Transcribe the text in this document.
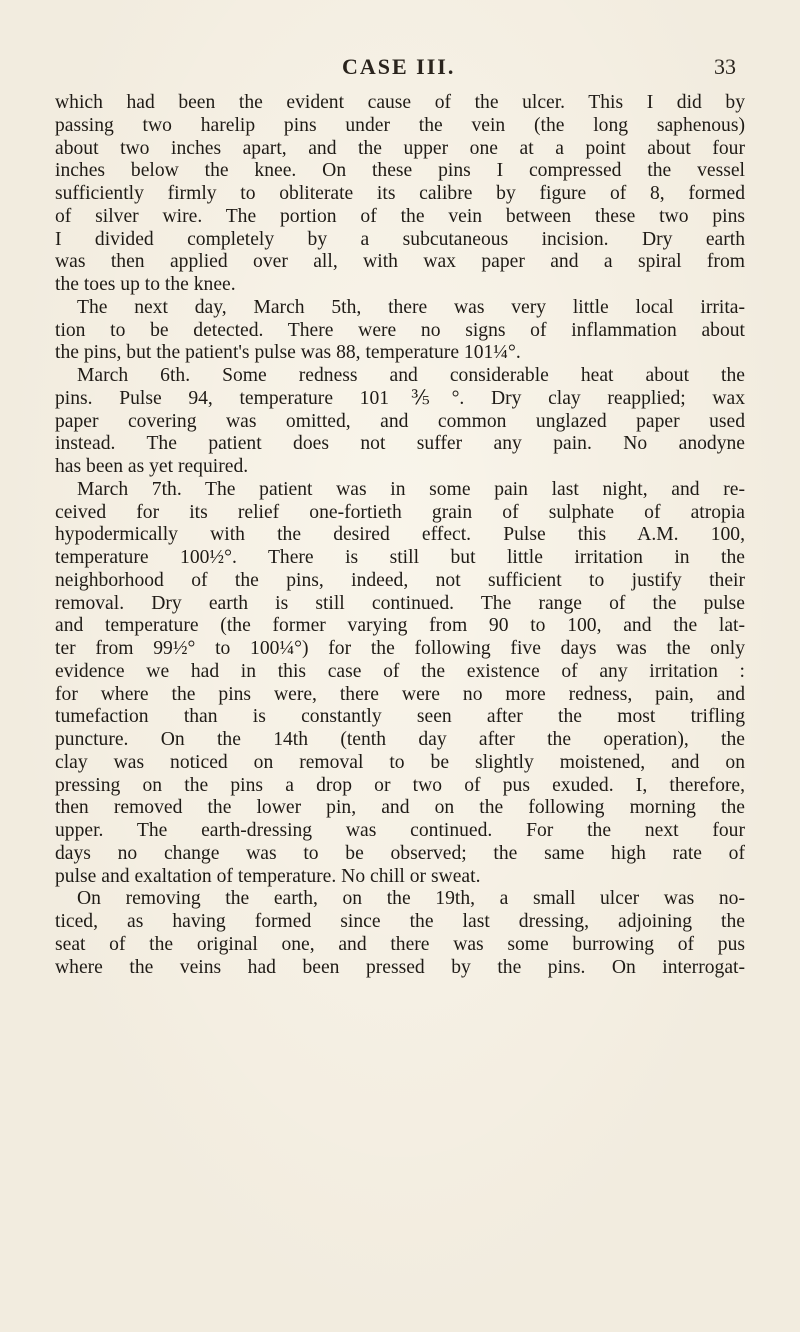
CASE III.	33
which had been the evident cause of the ulcer. This I did by
passing two harelip pins under the vein (the long saphenous)
about two inches apart, and the upper one at a point about four
inches below the knee. On these pins I compressed the vessel
sufficiently firmly to obliterate its calibre by figure of 8, formed
of silver wire. The portion of the vein between these two pins
I divided completely by a subcutaneous incision. Dry earth
was then applied over all, with wax paper and a spiral from
the toes up to the knee.
The next day, March 5th, there was very little local irrita-
tion to be detected. There were no signs of inflammation about
the pins, but the patient's pulse was 88, temperature 101¼°.
March 6th. Some redness and considerable heat about the
pins. Pulse 94, temperature 101⅗°. Dry clay reapplied; wax
paper covering was omitted, and common unglazed paper used
instead. The patient does not suffer any pain. No anodyne
has been as yet required.
March 7th. The patient was in some pain last night, and re-
ceived for its relief one-fortieth grain of sulphate of atropia
hypodermically with the desired effect. Pulse this A.M. 100,
temperature 100½°. There is still but little irritation in the
neighborhood of the pins, indeed, not sufficient to justify their
removal. Dry earth is still continued. The range of the pulse
and temperature (the former varying from 90 to 100, and the lat-
ter from 99½° to 100¼°) for the following five days was the only
evidence we had in this case of the existence of any irritation :
for where the pins were, there were no more redness, pain, and
tumefaction than is constantly seen after the most trifling
puncture. On the 14th (tenth day after the operation), the
clay was noticed on removal to be slightly moistened, and on
pressing on the pins a drop or two of pus exuded. I, therefore,
then removed the lower pin, and on the following morning the
upper. The earth-dressing was continued. For the next four
days no change was to be observed; the same high rate of
pulse and exaltation of temperature. No chill or sweat.
On removing the earth, on the 19th, a small ulcer was no-
ticed, as having formed since the last dressing, adjoining the
seat of the original one, and there was some burrowing of pus
where the veins had been pressed by the pins. On interrogat-
